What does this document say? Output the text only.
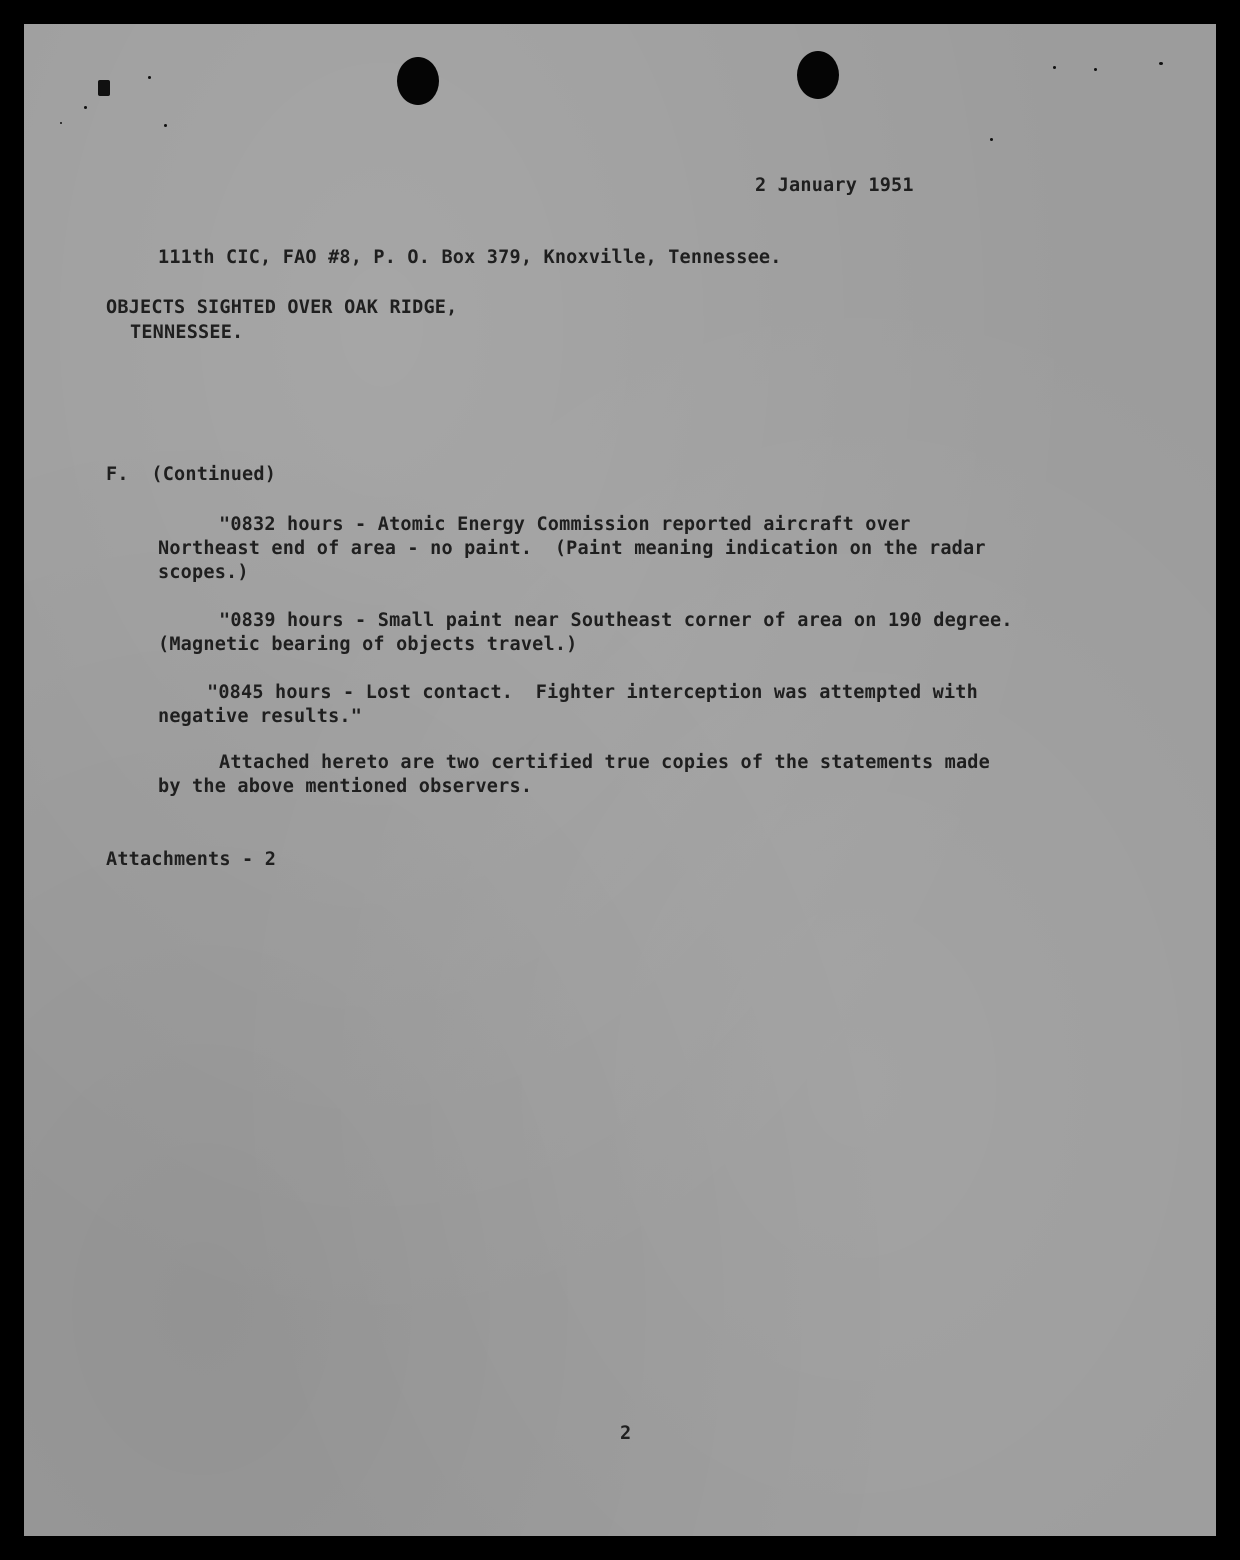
2 January 1951
111th CIC, FAO #8, P. O. Box 379, Knoxville, Tennessee.
OBJECTS SIGHTED OVER OAK RIDGE,
TENNESSEE.
F.  (Continued)
"0832 hours - Atomic Energy Commission reported aircraft over
Northeast end of area - no paint.  (Paint meaning indication on the radar
scopes.)
"0839 hours - Small paint near Southeast corner of area on 190 degree.
(Magnetic bearing of objects travel.)
"0845 hours - Lost contact.  Fighter interception was attempted with
negative results."
Attached hereto are two certified true copies of the statements made
by the above mentioned observers.
Attachments - 2
2
